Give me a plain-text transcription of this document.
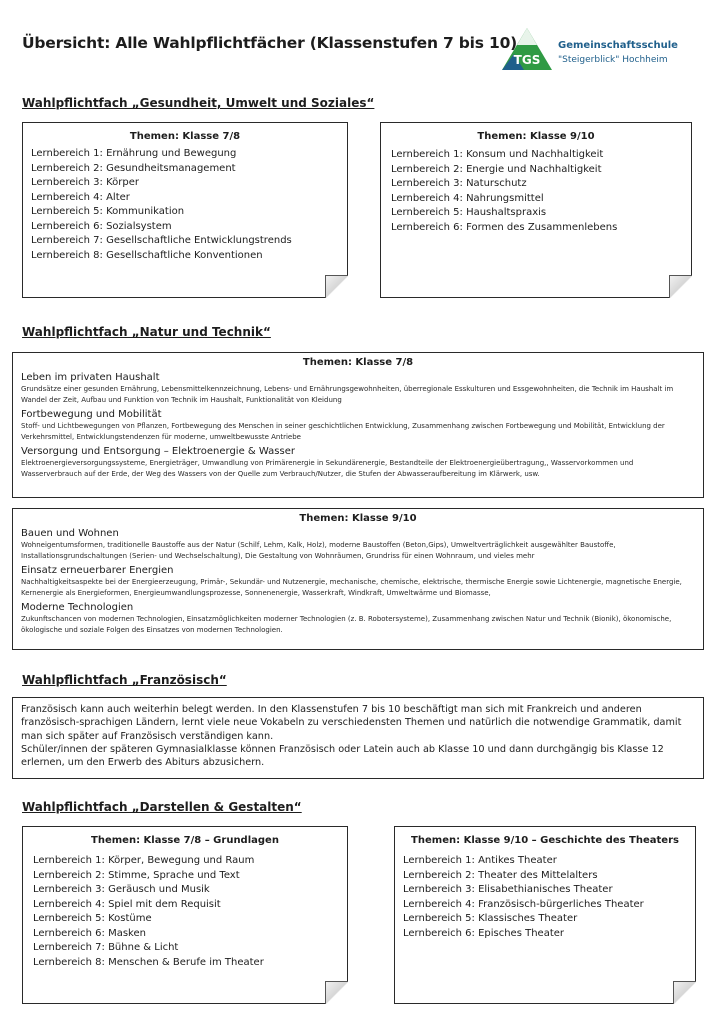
Übersicht: Alle Wahlpflichtfächer (Klassenstufen 7 bis 10)
TGS
Gemeinschaftsschule
"Steigerblick" Hochheim
Wahlpflichtfach „Gesundheit, Umwelt und Soziales“
Themen: Klasse 7/8
Lernbereich 1: Ernährung und Bewegung
Lernbereich 2: Gesundheitsmanagement
Lernbereich 3: Körper
Lernbereich 4: Alter
Lernbereich 5: Kommunikation
Lernbereich 6: Sozialsystem
Lernbereich 7: Gesellschaftliche Entwicklungstrends
Lernbereich 8: Gesellschaftliche Konventionen
Themen: Klasse 9/10
Lernbereich 1: Konsum und Nachhaltigkeit
Lernbereich 2: Energie und Nachhaltigkeit
Lernbereich 3: Naturschutz
Lernbereich 4: Nahrungsmittel
Lernbereich 5: Haushaltspraxis
Lernbereich 6: Formen des Zusammenlebens
Wahlpflichtfach „Natur und Technik“
Themen: Klasse 7/8
Leben im privaten Haushalt
Grundsätze einer gesunden Ernährung, Lebensmittelkennzeichnung, Lebens- und Ernährungsgewohnheiten, überregionale Esskulturen und Essgewohnheiten, die Technik im Haushalt im Wandel der Zeit, Aufbau und Funktion von Technik im Haushalt, Funktionalität von Kleidung
Fortbewegung und Mobilität
Stoff- und Lichtbewegungen von Pflanzen, Fortbewegung des Menschen in seiner geschichtlichen Entwicklung, Zusammenhang zwischen Fortbewegung und Mobilität, Entwicklung der Verkehrsmittel, Entwicklungstendenzen für moderne, umweltbewusste Antriebe
Versorgung und Entsorgung – Elektroenergie & Wasser
Elektroenergieversorgungssysteme, Energieträger, Umwandlung von Primärenergie in Sekundärenergie, Bestandteile der Elektroenergieübertragung,, Wasservorkommen und Wasserverbrauch auf der Erde, der Weg des Wassers von der Quelle zum Verbrauch/Nutzer, die Stufen der Abwasseraufbereitung im Klärwerk, usw.
Themen: Klasse 9/10
Bauen und Wohnen
Wohneigentumsformen, traditionelle Baustoffe aus der Natur (Schilf, Lehm, Kalk, Holz), moderne Baustoffen (Beton,Gips), Umweltverträglichkeit ausgewählter Baustoffe, Installationsgrundschaltungen (Serien- und Wechselschaltung), Die Gestaltung von Wohnräumen, Grundriss für einen Wohnraum, und vieles mehr
Einsatz erneuerbarer Energien
Nachhaltigkeitsaspekte bei der Energieerzeugung, Primär-, Sekundär- und Nutzenergie, mechanische, chemische, elektrische, thermische Energie sowie Lichtenergie, magnetische Energie, Kernenergie als Energieformen, Energieumwandlungsprozesse, Sonnenenergie, Wasserkraft, Windkraft, Umweltwärme und Biomasse,
Moderne Technologien
Zukunftschancen von modernen Technologien, Einsatzmöglichkeiten moderner Technologien (z. B. Robotersysteme), Zusammenhang zwischen Natur und Technik (Bionik), ökonomische, ökologische und soziale Folgen des Einsatzes von modernen Technologien.
Wahlpflichtfach „Französisch“

Französisch kann auch weiterhin belegt werden. In den Klassenstufen 7 bis 10 beschäftigt man sich mit Frankreich und anderen französisch-sprachigen Ländern, lernt viele neue Vokabeln zu verschiedensten Themen und natürlich die notwendige Grammatik, damit man sich später auf Französisch verständigen kann.

Schüler/innen der späteren Gymnasialklasse können Französisch oder Latein auch ab Klasse 10 und dann durchgängig bis Klasse 12 erlernen, um den Erwerb des Abiturs abzusichern.

Wahlpflichtfach „Darstellen & Gestalten“
Themen: Klasse 7/8 – Grundlagen
Lernbereich 1: Körper, Bewegung und Raum
Lernbereich 2: Stimme, Sprache und Text
Lernbereich 3: Geräusch und Musik
Lernbereich 4: Spiel mit dem Requisit
Lernbereich 5: Kostüme
Lernbereich 6: Masken
Lernbereich 7: Bühne & Licht
Lernbereich 8: Menschen & Berufe im Theater
Themen: Klasse 9/10 – Geschichte des Theaters
Lernbereich 1: Antikes Theater
Lernbereich 2: Theater des Mittelalters
Lernbereich 3: Elisabethianisches Theater
Lernbereich 4: Französisch-bürgerliches Theater
Lernbereich 5: Klassisches Theater
Lernbereich 6: Episches Theater
